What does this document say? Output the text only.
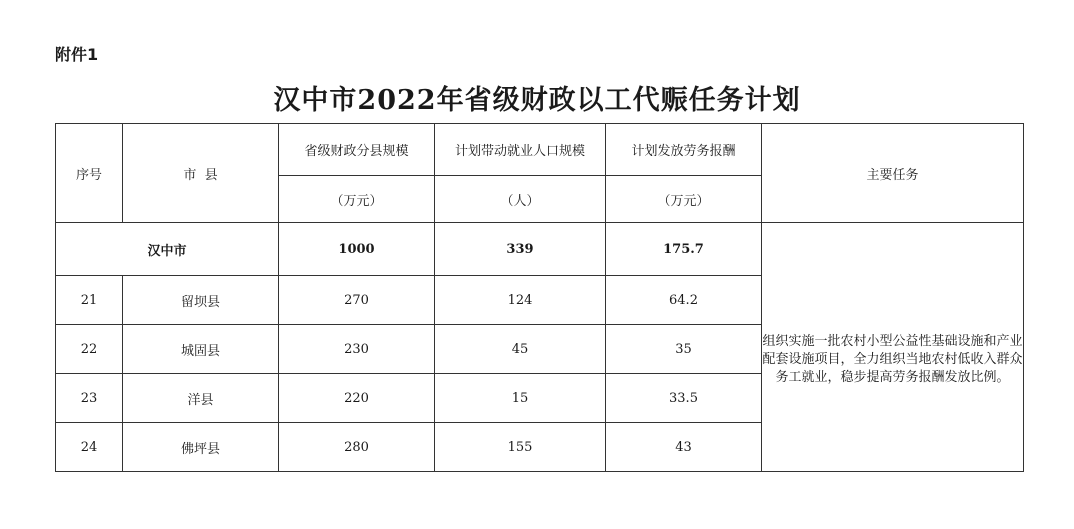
附件1
汉中市2022年省级财政以工代赈任务计划
序号	市  县	省级财政分县规模	计划带动就业人口规模	计划发放劳务报酬	主要任务
		（万元）	（人）	（万元）	
汉中市		1000	339	175.7	组织实施一批农村小型公益性基础设施和产业配套设施项目，全力组织当地农村低收入群众务工就业，稳步提高劳务报酬发放比例。

21	留坝县	270	124	64.2	
22	城固县	230	45	35	
23	洋县	220	15	33.5	
24	佛坪县	280	155	43	
